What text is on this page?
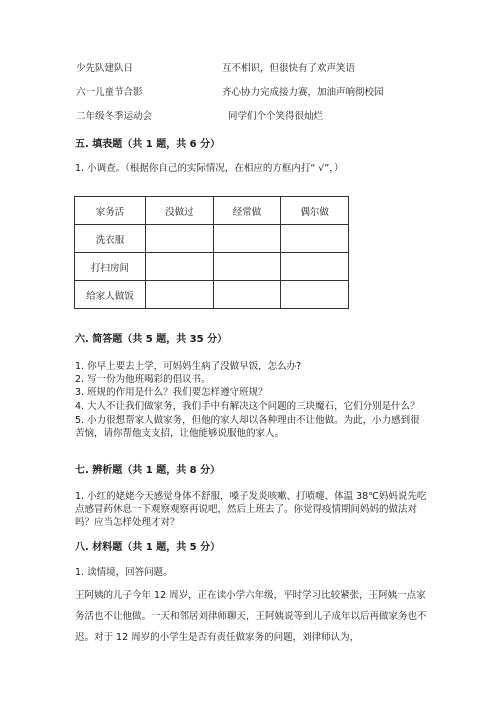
少先队建队日	互不相识，但很快有了欢声笑语
六一儿童节合影	齐心协力完成接力赛，加油声响彻校园
二年级冬季运动会	同学们个个笑得很灿烂
五. 填表题（共 1 题，共 6 分）
1. 小调查。（根据你自己的实际情况，在相应的方框内打“ √”，）
家务活	没做过	经常做	偶尔做
洗衣服			
打扫房间			
给家人做饭			
六. 简答题（共 5 题，共 35 分）
1. 你早上要去上学，可妈妈生病了没做早饭，怎么办?
2. 写一份为他班喝彩的倡议书。
3. 班规的作用是什么？我们要怎样遵守班规？
4. 大人不让我们做家务，我们手中有解决这个问题的三块魔石，它们分别是什么？
5. 小力很想帮家人做家务，但他的家人却以各种理由不让他做。为此，小力感到很苦恼，请你帮他支支招，让他能够说服他的家人。
七. 辨析题（共 1 题，共 8 分）
1. 小红的姥姥今天感觉身体不舒服，嗓子发炎咳嗽、打喷嚏、体温 38℃妈妈说先吃点感冒药休息一下观察观察再说吧，然后上班去了。你觉得疫情期间妈妈的做法对吗？应当怎样处理才对？
八. 材料题（共 1 题，共 5 分）
1. 读情境，回答问题。
王阿姨的儿子今年 12 周岁，正在读小学六年级，平时学习比较紧张，王阿姨一点家务活也不让他做。一天和邻居刘律师聊天，王阿姨说等到儿子成年以后再做家务也不迟。对于 12 周岁的小学生是否有责任做家务的问题，刘律师认为，
